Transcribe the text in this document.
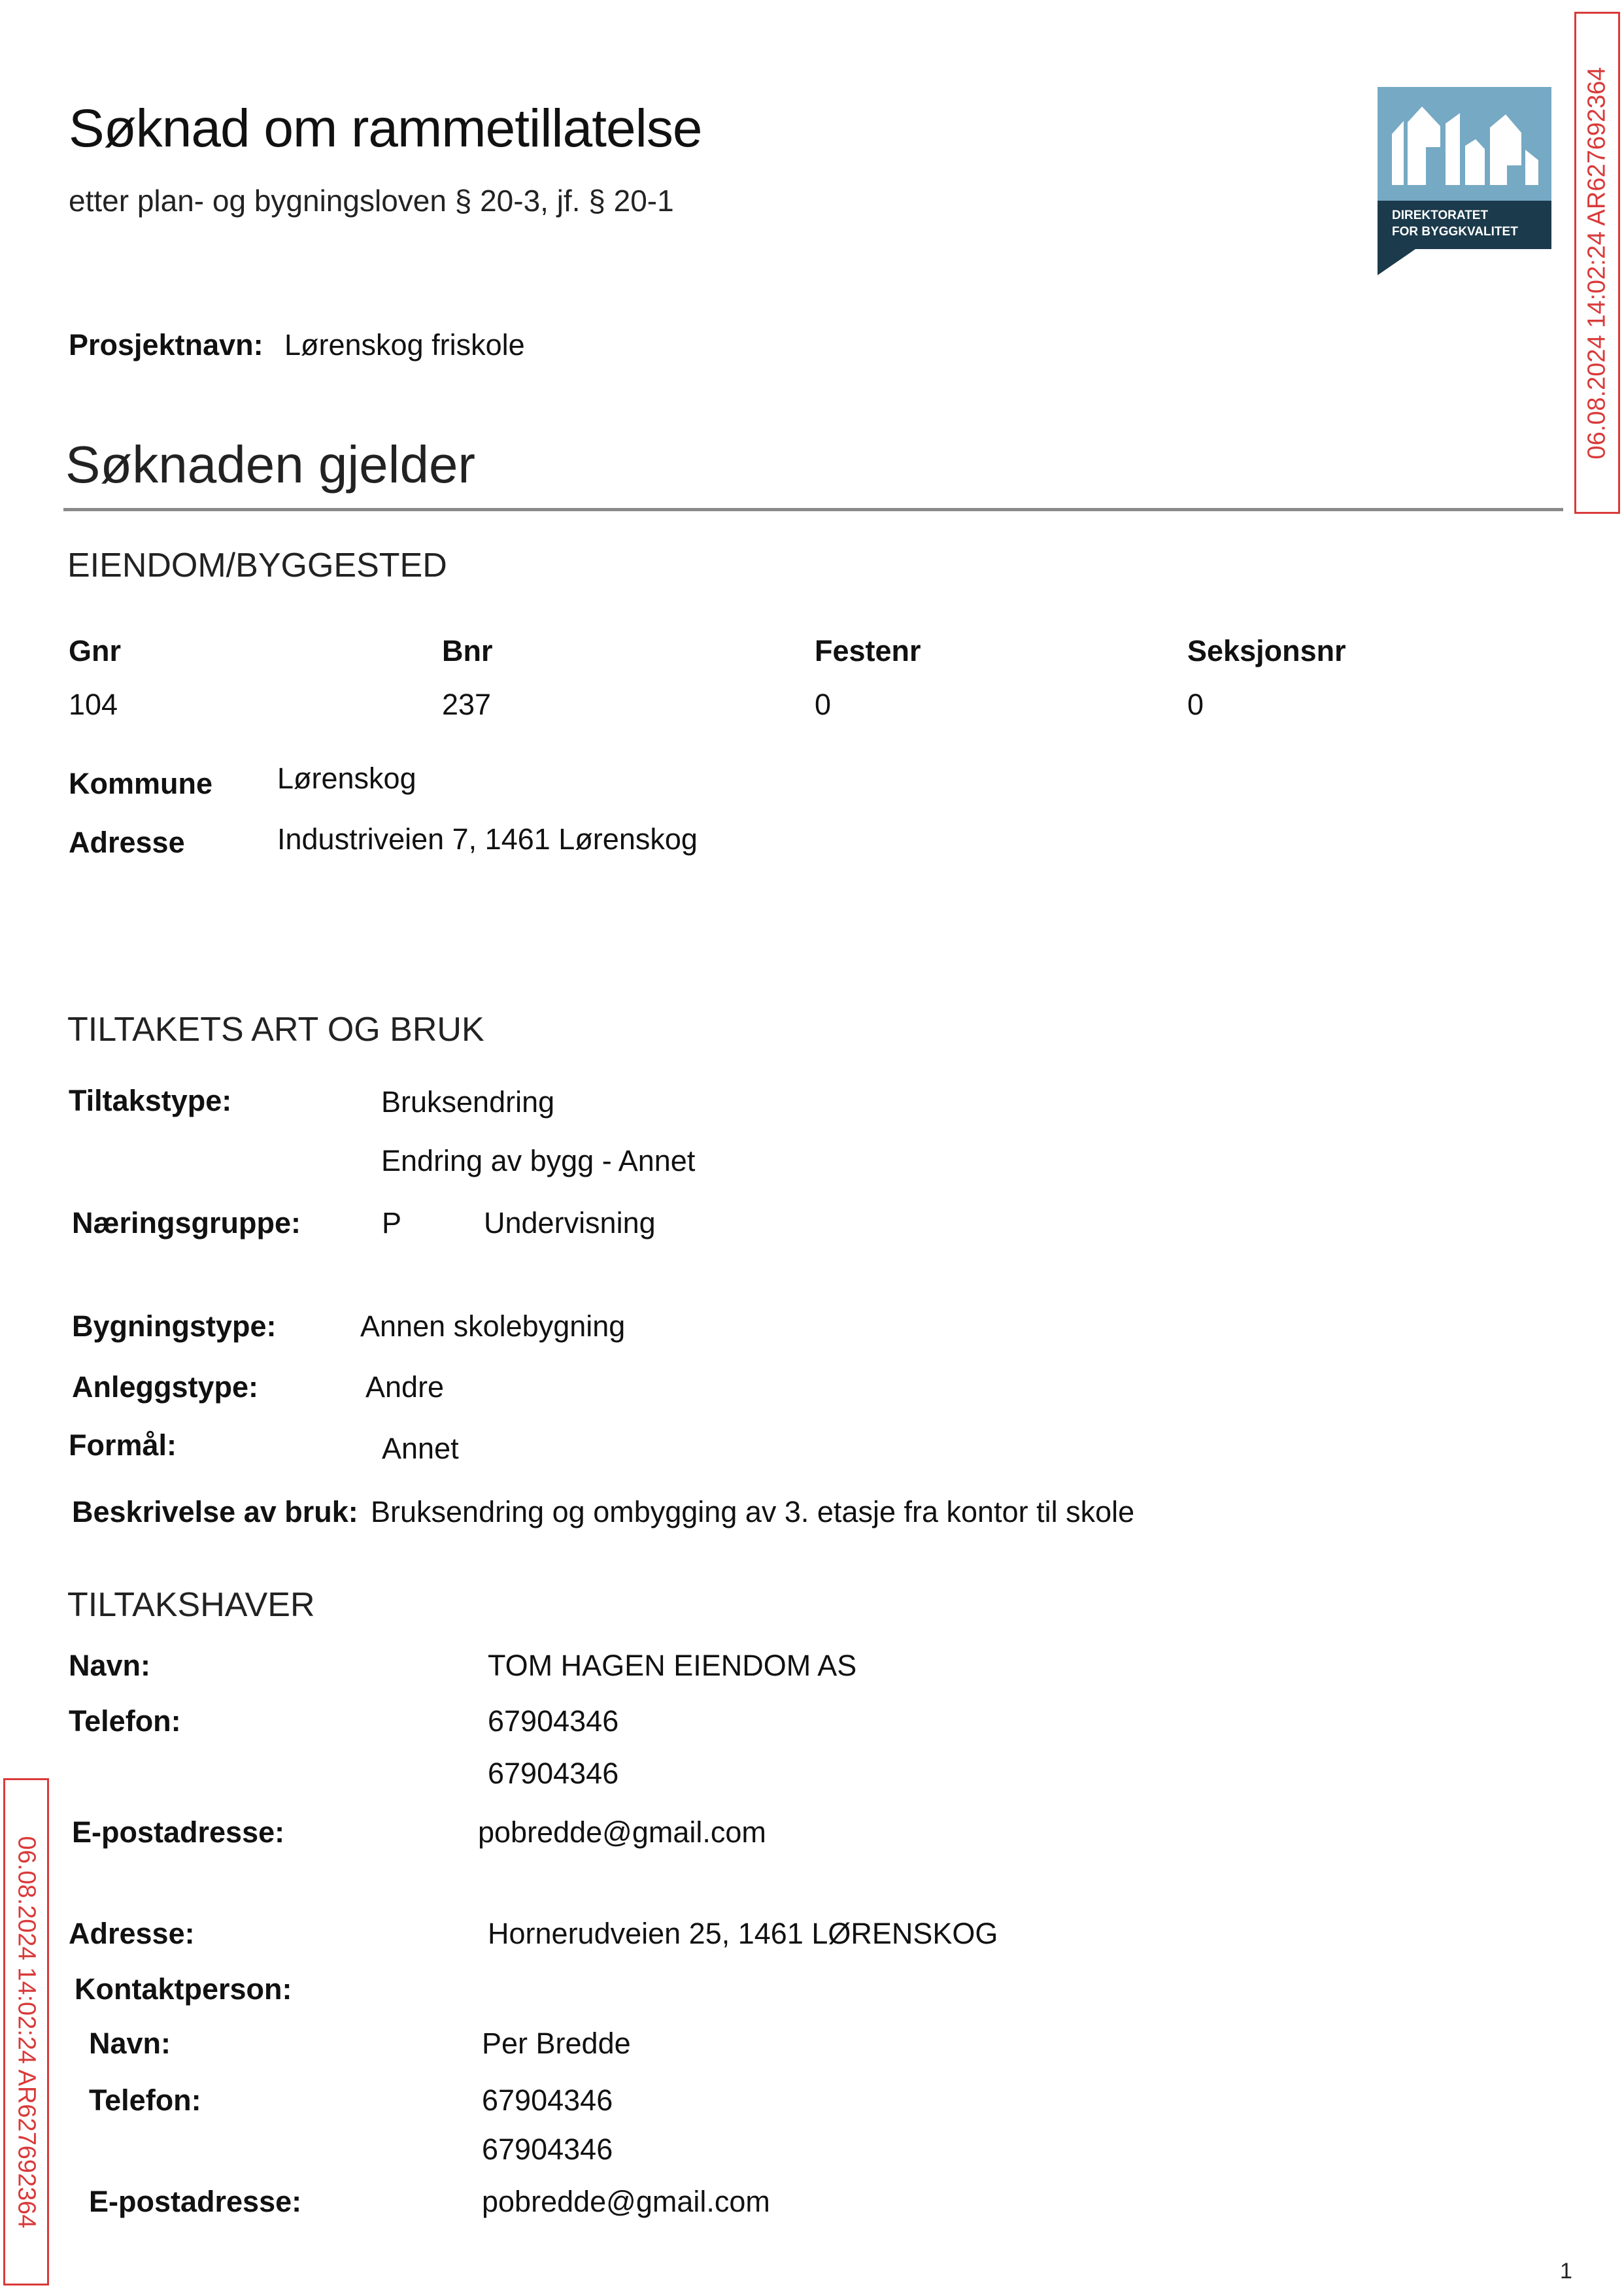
Søknad om rammetillatelse
etter plan- og bygningsloven § 20-3, jf. § 20-1	DIREKTORATET
FOR BYGGKVALITET	06.08.2024 14:02:24 AR627692364
06.08.2024 14:02:24 AR627692364
Prosjektnavn: Lørenskog friskole
Søknaden gjelder
EIENDOM/BYGGESTED
Gnr	Bnr	Festenr	Seksjonsnr
104	237	0	0
Kommune Lørenskog
Adresse	Industriveien 7, 1461 Lørenskog
TILTAKETS ART OG BRUK
Tiltakstype:	Bruksendring
Endring av bygg - Annet
Næringsgruppe:	P	Undervisning
Bygningstype:	Annen skolebygning
Anleggstype:	Andre
Formål:	Annet
Beskrivelse av bruk: Bruksendring og ombygging av 3. etasje fra kontor til skole
TILTAKSHAVER
Navn:	TOM HAGEN EIENDOM AS
Telefon:	67904346
67904346
E-postadresse:	pobredde@gmail.com
Adresse:	Hornerudveien 25, 1461 LØRENSKOG
Kontaktperson:
Navn:	Per Bredde
Telefon:	67904346
67904346
E-postadresse:	pobredde@gmail.com
1
